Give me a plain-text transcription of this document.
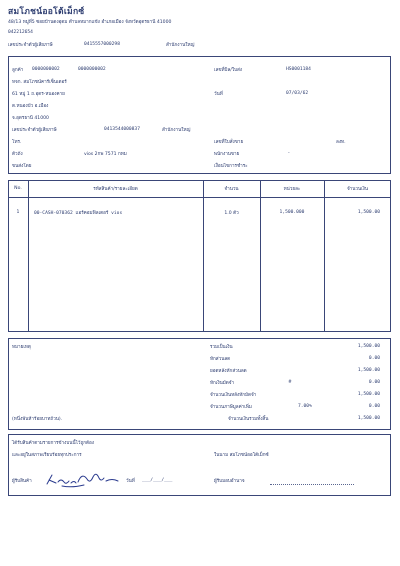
สมโภชน์ออโต้เม็กซ์
48/13 หมู่ที่5 ซอยบ้านดงอุดม ตำบลหมากแข้ง อำเภอเมือง จังหวัดอุดรธานี 41000
042212654
เลขประจำตัวผู้เสียภาษี	0415557000298	สำนักงานใหญ่
ลูกค้า 0000000002	0000000002
หจก. สมโภชน์คาร์เซ็นเตอร์
61 หมู่ 1 ถ.อุดร-หนองคาย
ต.หนองบัว อ.เมือง
จ.อุดรธานี 41000
เลขประจำตัวผู้เสียภาษี	0413544000837	สำนักงานใหญ่
โทร.
ตัวถัง	vios 2กพ 7571 กทม
ขนส่งโดย
เลขที่บิล/ใบส่ง	HS0001184
วันที่	07/03/62
เลขที่ใบสั่งขาย	ลงท.
พนักงานขาย	-
เงื่อนไขการชำระ
No.	รหัสสินค้า/รายละเอียด	จำนวน	หน่วยละ	จำนวนเงิน
1	00-CASH-070362 แอร์คอมฟิลเตอร์ vios	1.0 ตัว	1,500.000	1,500.00
หมายเหตุ	รวมเป็นเงิน	1,500.00
หักส่วนลด	0.00
ยอดหลังหักส่วนลด	1,500.00
หักเงินมัดจำ	#	0.00
จำนวนเงินหลังหักมัดจำ	1,500.00
จำนวนภาษีมูลค่าเพิ่ม	7.00%	0.00
(หนึ่งพันห้าร้อยบาทถ้วน).	จำนวนเงินรวมทั้งสิ้น	1,500.00
ได้รับสินค้าตามรายการข้างบนนี้ไว้ถูกต้อง
และอยู่ในสภาพเรียบร้อยทุกประการ	ในนาม สมโภชน์ออโต้เม็กซ์
ผู้รับสินค้า	วันที่ ___/___/___	ผู้รับมอบอำนาจ
